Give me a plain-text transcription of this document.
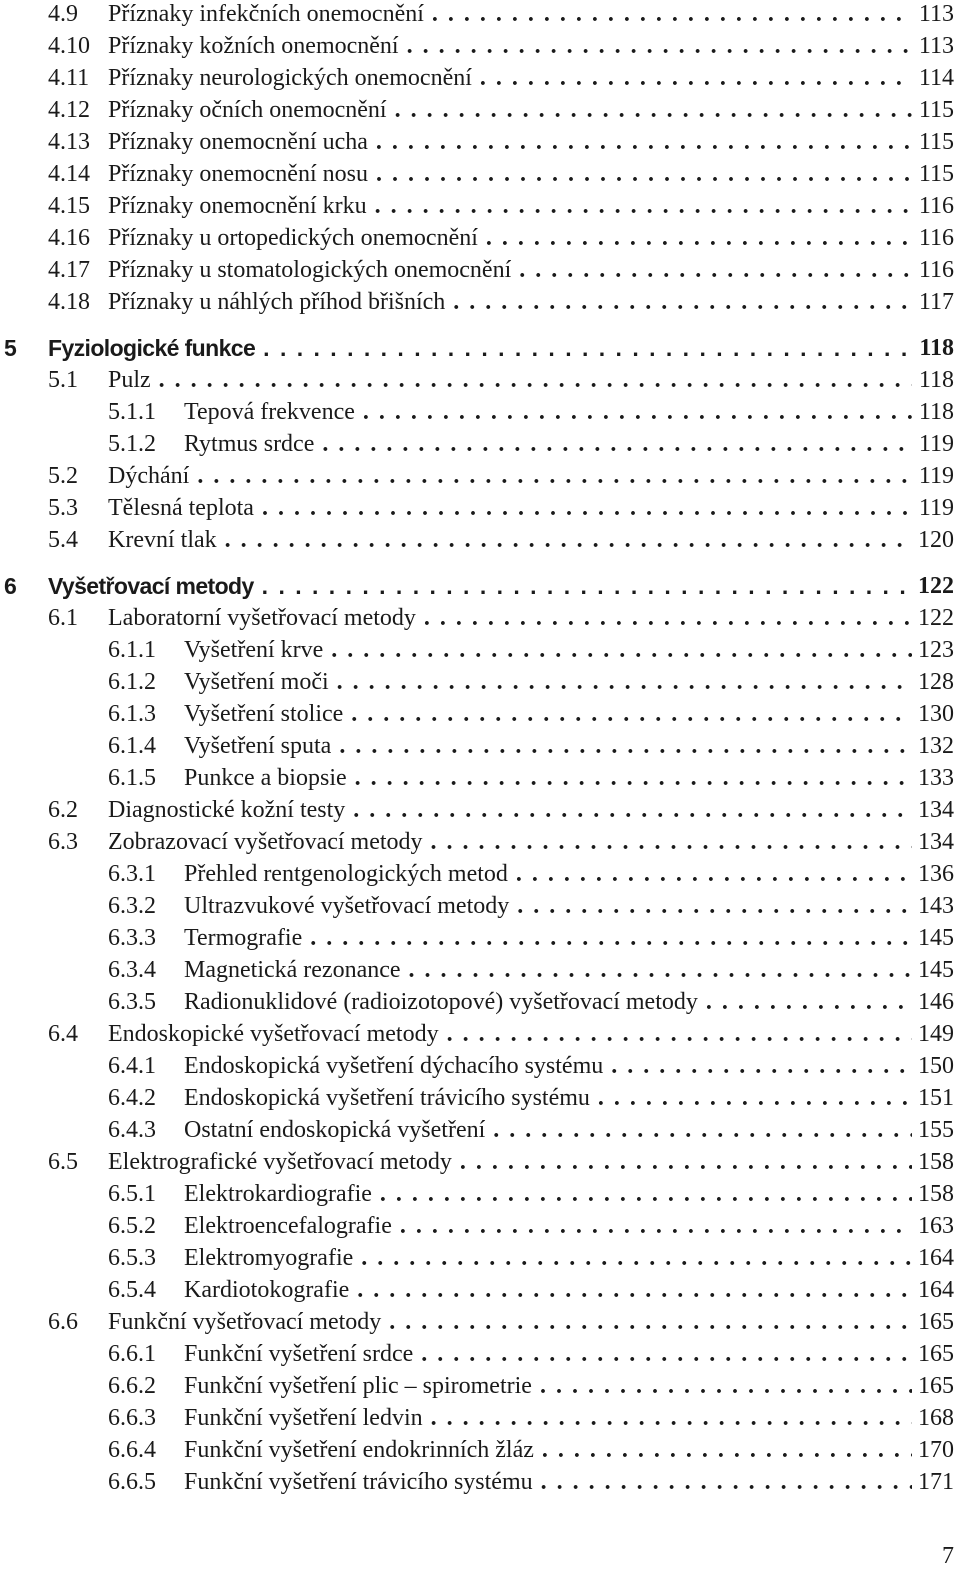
4.9 Příznaky infekčních onemocnění . . .	113
4.10 Příznaky kožních onemocnění . . .	113
4.11 Příznaky neurologických onemocnění . . .	114
4.12 Příznaky očních onemocnění . . .	115
4.13 Příznaky onemocnění ucha . . .	115
4.14 Příznaky onemocnění nosu . . .	115
4.15 Příznaky onemocnění krku . . .	116
4.16 Příznaky u ortopedických onemocnění . . .	116
4.17 Příznaky u stomatologických onemocnění . . .	116
4.18 Příznaky u náhlých příhod břišních . . .	117
5 Fyziologické funkce . . .	118
5.1 Pulz . . .	118
5.1.1 Tepová frekvence . . .	118
5.1.2 Rytmus srdce . . .	119
5.2 Dýchání . . .	119
5.3 Tělesná teplota . . .	119
5.4 Krevní tlak . . .	120
6 Vyšetřovací metody . . .	122
6.1 Laboratorní vyšetřovací metody . . .	122
6.1.1 Vyšetření krve . . .	123
6.1.2 Vyšetření moči . . .	128
6.1.3 Vyšetření stolice . . .	130
6.1.4 Vyšetření sputa . . .	132
6.1.5 Punkce a biopsie . . .	133
6.2 Diagnostické kožní testy . . .	134
6.3 Zobrazovací vyšetřovací metody . . .	134
6.3.1 Přehled rentgenologických metod . . .	136
6.3.2 Ultrazvukové vyšetřovací metody . . .	143
6.3.3 Termografie . . .	145
6.3.4 Magnetická rezonance . . .	145
6.3.5 Radionuklidové (radioizotopové) vyšetřovací metody . . .	146
6.4 Endoskopické vyšetřovací metody . . .	149
6.4.1 Endoskopická vyšetření dýchacího systému . . .	150
6.4.2 Endoskopická vyšetření trávicího systému . . .	151
6.4.3 Ostatní endoskopická vyšetření . . .	155
6.5 Elektrografické vyšetřovací metody . . .	158
6.5.1 Elektrokardiografie . . .	158
6.5.2 Elektroencefalografie . . .	163
6.5.3 Elektromyografie . . .	164
6.5.4 Kardiotokografie . . .	164
6.6 Funkční vyšetřovací metody . . .	165
6.6.1 Funkční vyšetření srdce . . .	165
6.6.2 Funkční vyšetření plic – spirometrie . . .	165
6.6.3 Funkční vyšetření ledvin . . .	168
6.6.4 Funkční vyšetření endokrinních žláz . . .	170
6.6.5 Funkční vyšetření trávicího systému . . .	171
7
